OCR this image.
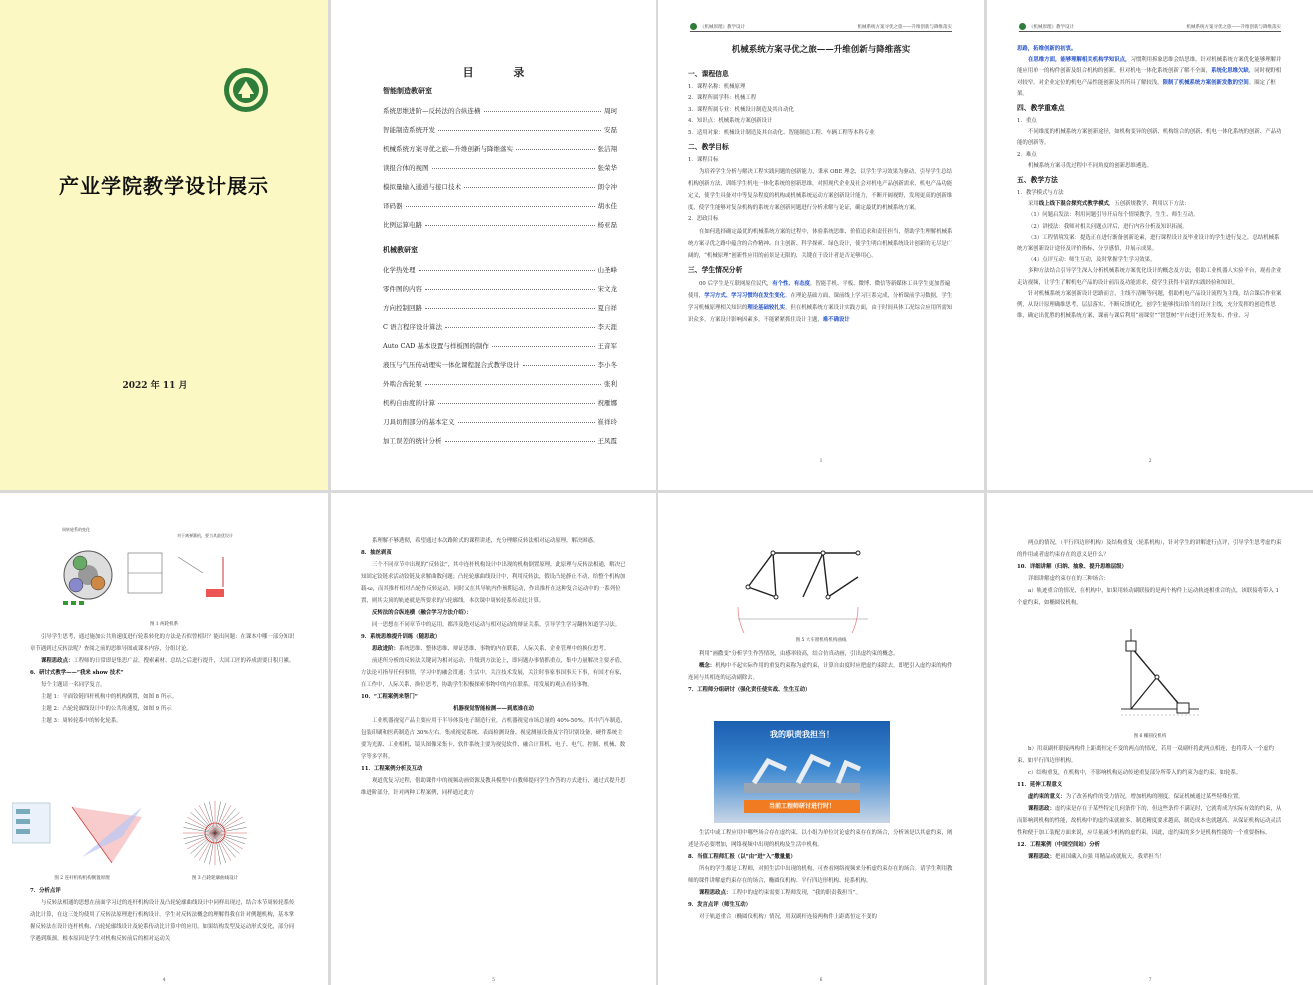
产业学院教学设计展示
2022 年 11 月
目 录
智能制造教研室
系统思维进阶—反转法的合纵连横	周珂
智能制造系统开发	安磊
机械系统方案寻优之旅—升维创新与降维落实	张洁翔
读报合体的视图	张荣华
模拟量输入通道与接口技术	朗令冲
译码器	胡永佳
比例运算电路	杨亚磊
机械教研室
化学热处理	山圣峰
零件图的内容	宋文龙
方向控制回路	夏自祥
C 语言程序设计算法	李天涯
Auto CAD 基本设置与样板图的制作	王音军
液压与气压传动理实一体化课程混合式教学设计	李小冬
外啮合齿轮泵	张利
机构自由度的计算	祝雁娜
刀具切削部分的基本定义	崔祥玲
加工误差的统计分析	王凤霞
《机械原理》教学设计	机械系统方案寻优之旅——升维创新与降维落实
机械系统方案寻优之旅——升维创新与降维落实
一、课程信息

1．课程名称：机械原理

2．课程所属学科：机械工程

3．课程所属专业：机械设计制造及其自动化

4．知识点：机械系统方案创新设计

5．适用对象：机械设计制造及其自动化、智能制造工程、车辆工程等本科专业

二、教学目标

1．课程目标

为培养学生分析与解决工程实践问题的创新能力，秉承 OBE 理念，以学生学习效果为驱动，引导学生总结机构创新方法，训练学生机电一体化系统的创新思维，对照现代企业及社会对机电产品创新需求，机电产品功能定义，使学生具备对中等复杂程度的机构或机械系统运动方案创新设计能力，不断开阔视野，发现更高的创新维度，使学生能够对复杂机构的系统方案创新问题进行分析求解与论证，确定最优的机械系统方案。

2．思政目标

在如何选择确定最优的机械系统方案的过程中，体验系统思维、价值追求和责任担当，帮助学生理解机械系统方案寻优之路中蕴含的合作精神、自主创新、科学探索、绿色设计，使学生明白机械系统设计创新的无尽是广阔的，“机械原理”创新性应用的前景是无限的，关键在于设计者是否足够用心。

三、学生情况分析

00 后学生是互联网原住民代，有个性、有态度，智能手机、平板、微博、微信等新媒体工具学生更加普遍使用，学习方式、学习习惯均在发生变化。在理论基础方面，课前线上学习巨系完成，分析课前学习数据，学生学习机械原理相关知识的理论基础较扎实，但在机械系统方案设计实践方面，由于时间具体工况综合应用所需知识众多，方案设计影响因素多，不能紧紧抓住设计主题，难不确设计

1
《机械原理》教学设计	机械系统方案寻优之旅——升维创新与降维落实

思路，拓维创新的初衷。

在思维方面，能够理解相关机构学知识点，习惯利用拆象思维会结思维，针对机械系统方案优化能够理解并能应用单一的构件创新及组合机构的创新，但对机电一体化系统创新了解不全面，系统化思维欠缺，同时视野相对较窄，对企业定位的机电产品性能创新及其所具了解较浅，限制了机械系统方案创新发散的空间。圈定了框架。

四、教学重难点

1．重点

不同维度的机械系统方案创新途径，如机构变异的创新、机构组合的创新、机电一体化系统的创新、产品功能的创新等。

2．难点

机械系统方案寻优过程中不同角度的创新思维遴选。

五、教学方法

1．教学模式与方法

采用线上线下混合探究式教学模式，五创新规教学，利用以下方法：

（1）问题启发法：利用问题引导开启每个情境教学，生生、师生互动。

（2）讲授法：我师对相关问题点评后，进行内容分析及知识拓展。

（3）工程情境发案：提选正在进行渐备创新论素，进行课程设计及毕业设计的学生进行复之，总结机械系统方案创新设计途径及评价指标，分享感悟，并展示成果。

（4）点评互动：师生互动，及时掌握学生学习效果。

多种方法结合引导学生深入分析机械系统方案优化设计的概念及方法，借助工业机器人实验平台，观看企业走访视频，让学生了解机电产品的设计前沿及功能需求，使学生获得丰富的实践经验和知识。

针对机械系统方案创新设计思路而言，主线不清晰等问题，借助机电产品设计流程为主线，结合课后作业案例，从设计原理确维思考，层层落实，不断反馈优化，创学生能够找出恰当的设计主线，充分发挥的创造性思维，确定出优胜的机械系统方案，课前与课后利用“雨课堂”“智慧树”平台进行任务发布、作业、习

2
周转轮系的变化
对于离弹簧机，要当其最优设计
图 1 两轮机系

引导学生思考，通过施加公共角速度进行轮系转化的方法是否似曾相识？能出问题：在课本中哪一部分知识章节遇到过反转法呢？查阅之前的思维导图或课本内容，分组讨论。

课程思政点：工程师的日常即是集思广益，搜索素材、总结之后进行提升，大国工匠的养成需要日积月累。

6．研讨式教学——“我来 show 技术”

每个主题请一名同学复言。

主题 1：平面铰链四杆机构中的机构倒置，如图 8 所示。

主题 2：凸轮轮廓线设计中的公共角速度，如图 9 所示

主题 3：周转轮系中的转化轮系。

图 2 连杆机构机构倒置原理	图 3 凸轮轮廓曲线设计

7．分析点评

与反转法相通的思想在前面学习过的连杆机构设计及凸轮轮廓曲线设计中同样出现过，结合本节周转轮系传动比计算，在这三处均使用了反转法原理进行机构设计。学生对反转法概念的理解得我在针对例题机构，基本掌握反转法在设计连杆机构、凸轮轮廓线设计及轮系传动比计算中的应用，如果结构发型及运动形式变化，部分同学遇到瓶颈。根本原因是学生对机构反转前后的相对运动关

4

系理解不够透彻，希望通过本次路阶式的课程讲述，充分理解反转法相对运动原理，解决困惑。

8．抽丝剥茧

三个不同章节中出现的“反转法”，其中连杆机构设计中出现的机构倒置原理，此原理与反转法相通，解决已知固定铰链求活动铰链及求解曲数问题；凸轮轮廓曲线设计中，利用反转法，假设凸轮静止不动，给整个机构加载-ω，而其推杆相对凸轮作反转运动，同时又在其导轨内作预期运动，作出推杆在这种复合运动中的一系列位置，则其尖顶的轨迹就是所要求的凸轮廓线。本次课中周转轮系传动比计算。

反转法的合纵连横（融合学习方法介绍）：

同一思想在不同章节中的运用，都涉及绝对运动与相对运动的辩证关系，引导学生学习翻转知道学习法。

9．系统思维提升训练（随思政）

思政进阶：系统思维、整体思维、辩证思维、事物的内在联系，人际关系、企业管理中的换位思考。

前述所分析的反转法关键词为相对运动，升级到方法论上，即问题办事情抓重点，集中力量解决主要矛盾，方法论可指导任何事情，学习中的融会贯通；生活中，关注技术发展，关注时事家事国事天下事，有国才有家，在工作中，人际关系，换位思考，协助学生积极探索事物中的内在联系，用发展的观点看待事物。

10．“工程案例来帮门”

机器视觉智能检测——到底谁在动

工业机器视觉产品主要应用于半导体及电子制造行业，占机器视觉市场总量的 40%-50%。其中汽车制造、包装印刷和医药制造占 30%左右。集成视觉系统、表面检测设备、视觉测量设备及字符识别设备，硬件系统主要为光源、工业相机、镜头图像采集卡、软件系统主要为视觉软件、融合计算机、电子、电气、控制、机械、数学等多学科。

11．工程案例分析及互动

观道优复习过程，借助课件中的视频动画资源及教具模型中自教师提问学生作答的方式进行，通过式提升思维进阶部分，针对两种工程案例，同样通过此方

5
图 5 大车窗机构机构曲线

利用“画撒变”分析学生作答情况，由感率较高，结合仿真动画，引出虚约束的概念。

概念：机构中不起实际作用的重复约束称为虚约束，计算自由度时应把虚约束除去，即把引入虚约束的构件连同与其相连的运动副除去。

7．工程师分组研讨（强化责任使实战、生生互动）

我的职责我担当！
当前工程师研讨进行时！

生活中或工程应用中哪些场合存在虚约束，以小组为单位讨论虚约束存在的场合，分析该是以其虚约束，阐述是否必要增加，网络视频中出现的机构及生活中机构。

8．当值工程师汇报（以“由”进“入”撒量量）

所有的学生都是工程师，对照生活中出现的机构，可查看网络视频来分析虚约束存在的场合。请学生利用教师的课件讲解虚约束存在的场合，椭圆仪机构、平行四边形机构、轮系机构。

课程思政点：工程中的虚约束需要工程师发现，“我的职责我担当”。

9．发言点评（师生互动）

对于轨道重合（椭圆仪机构）情况，用双副杆连接两构件上距离恒定不变的

6

两点的情况，（平行四边形机构）及结构重复（轮系机构），针对学生的讲解进行点评，引导学生思考虚约束的作用或者虚约束存在的意义是什么？

10．详细讲解（归纳、抽象、提升思维层级）

详细讲解虚约束存在的三种场合：

a）轨迹重合的情况，在机构中，如果用转动副联接的是两个构件上运动轨迹相重合的点，该联接将带入 1 个虚约束，如椭圆仪机构。

图 6 椭圆仪机构

b）用双副杆联接两构件上距离恒定不变的两点的情况，若用一双副杆将此两点相连，也将带入一个虚约束，如平行四边形机构。

c）结构重复，在机构中，不影响机构运动传递重复部分所带入的约束为虚约束，如轮系。

11．延伸工程意义

虚约束的意义：为了改善构件的受力情况，增加机构的刚度，保证机械通过某些特殊位置。

课程思政：虚约束是存在于某些特定几何条件下的，但这些条件不满足时，它就将成为实际有效的约束，从而影响到机构的性能，故机构中的虚约束就被多，制造精度要求越高，制造成本也就越高，从保证机构运动灵活性和便于加工装配方面来说，应尽量减少机构的虚约束。因此，虚约束的多少是机构性能的一个重要指标。

12．工程案例（中国空间站）分析

课程思政：把祖国藏入自强 用精品成就航天。我辈担当！

7
